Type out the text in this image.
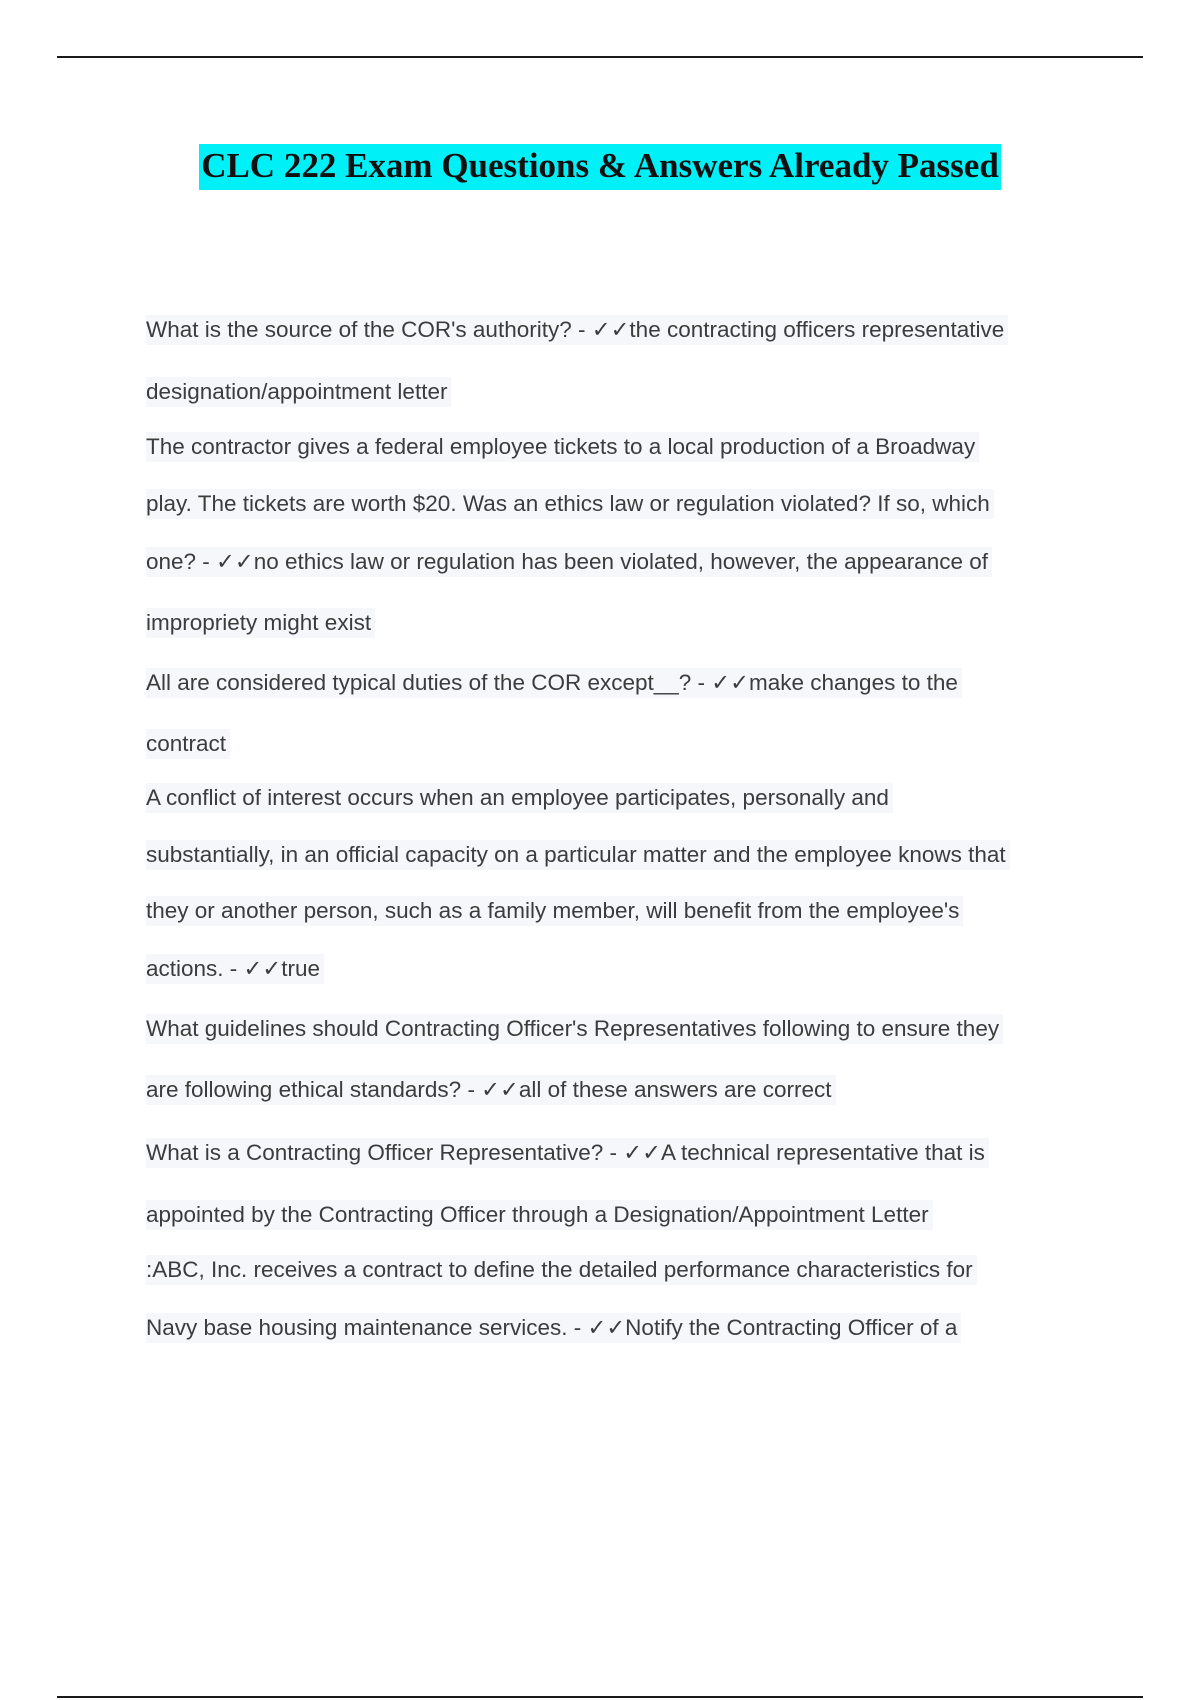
CLC 222 Exam Questions & Answers Already Passed
What is the source of the COR's authority? - ✓✓the contracting officers representative
designation/appointment letter
The contractor gives a federal employee tickets to a local production of a Broadway
play. The tickets are worth $20. Was an ethics law or regulation violated? If so, which
one? - ✓✓no ethics law or regulation has been violated, however, the appearance of
impropriety might exist
All are considered typical duties of the COR except__? - ✓✓make changes to the
contract
A conflict of interest occurs when an employee participates, personally and
substantially, in an official capacity on a particular matter and the employee knows that
they or another person, such as a family member, will benefit from the employee's
actions. - ✓✓true
What guidelines should Contracting Officer's Representatives following to ensure they
are following ethical standards? - ✓✓all of these answers are correct
What is a Contracting Officer Representative? - ✓✓A technical representative that is
appointed by the Contracting Officer through a Designation/Appointment Letter
:ABC, Inc. receives a contract to define the detailed performance characteristics for
Navy base housing maintenance services. - ✓✓Notify the Contracting Officer of a
